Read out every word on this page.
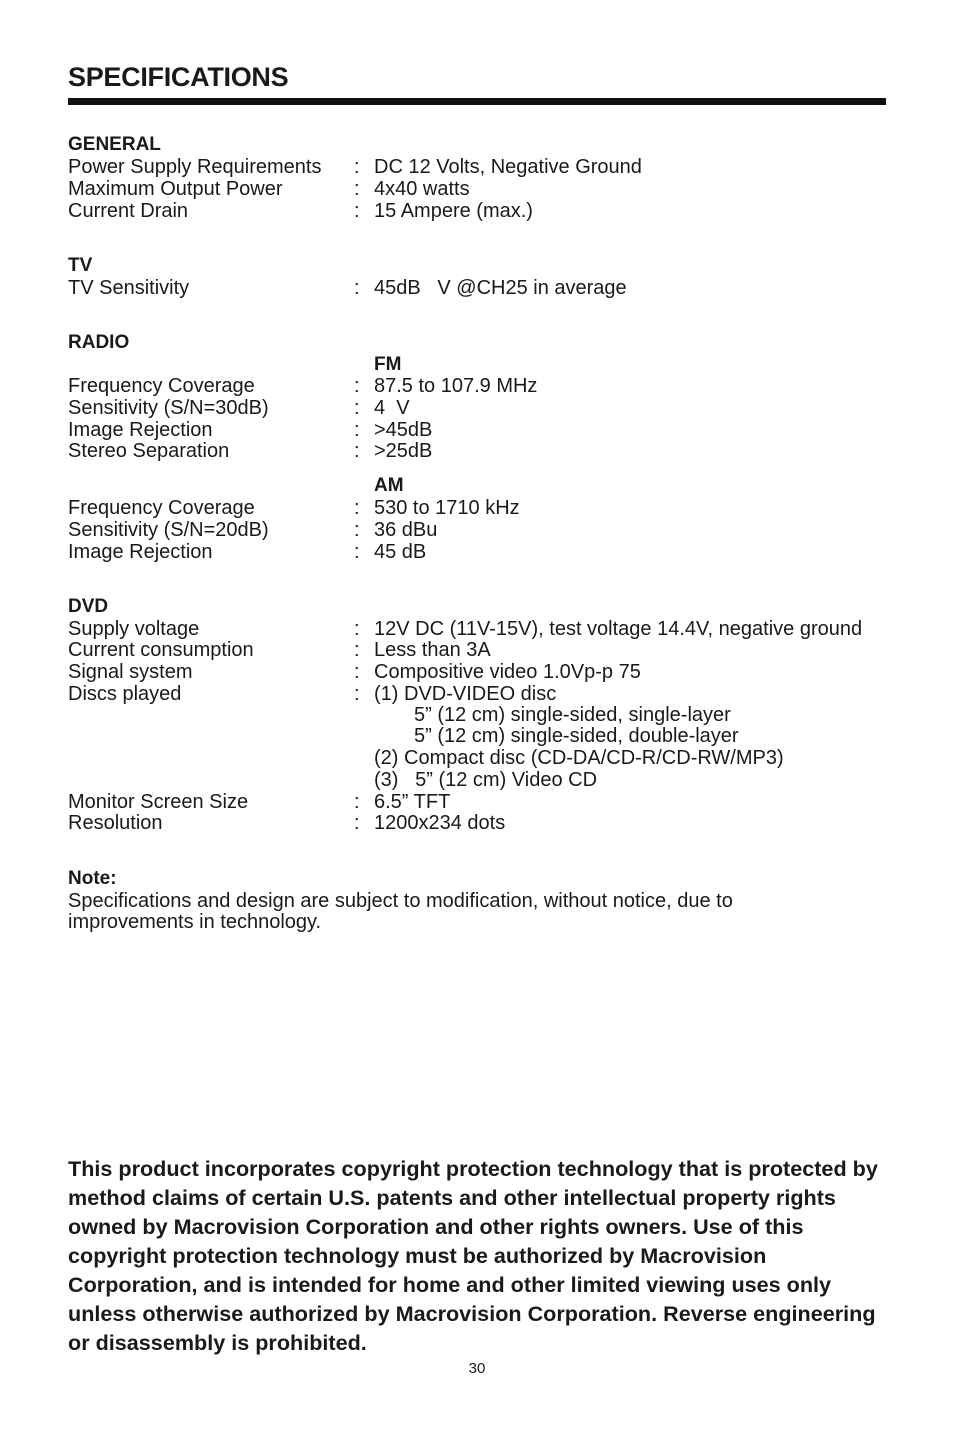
SPECIFICATIONS
GENERAL
Power Supply Requirements : DC 12 Volts, Negative Ground
Maximum Output Power	: 4x40 watts
Current Drain	: 15 Ampere (max.)
TV
TV Sensitivity	: 45dB   V @CH25 in average
RADIO
FM
Frequency Coverage	: 87.5 to 107.9 MHz
Sensitivity (S/N=30dB)	: 4  V
Image Rejection	: >45dB
Stereo Separation	: >25dB
AM
Frequency Coverage	: 530 to 1710 kHz
Sensitivity (S/N=20dB)	: 36 dBu
Image Rejection	: 45 dB
DVD
Supply voltage	: 12V DC (11V-15V), test voltage 14.4V, negative ground
Current consumption	: Less than 3A
Signal system	: Compositive video 1.0Vp-p 75
Discs played	: (1) DVD-VIDEO disc
5” (12 cm) single-sided, single-layer
5” (12 cm) single-sided, double-layer
(2) Compact disc (CD-DA/CD-R/CD-RW/MP3)
(3)   5” (12 cm) Video CD
Monitor Screen Size	: 6.5” TFT
Resolution	: 1200x234 dots
Note:
Specifications and design are subject to modification, without notice, due to
improvements in technology.

This product incorporates copyright protection technology that is protected by method claims of certain U.S. patents and other intellectual property rights owned by Macrovision Corporation and other rights owners. Use of this copyright protection technology must be authorized by Macrovision Corporation, and is intended for home and other limited viewing uses only unless otherwise authorized by Macrovision Corporation. Reverse engineering or disassembly is prohibited.

30
